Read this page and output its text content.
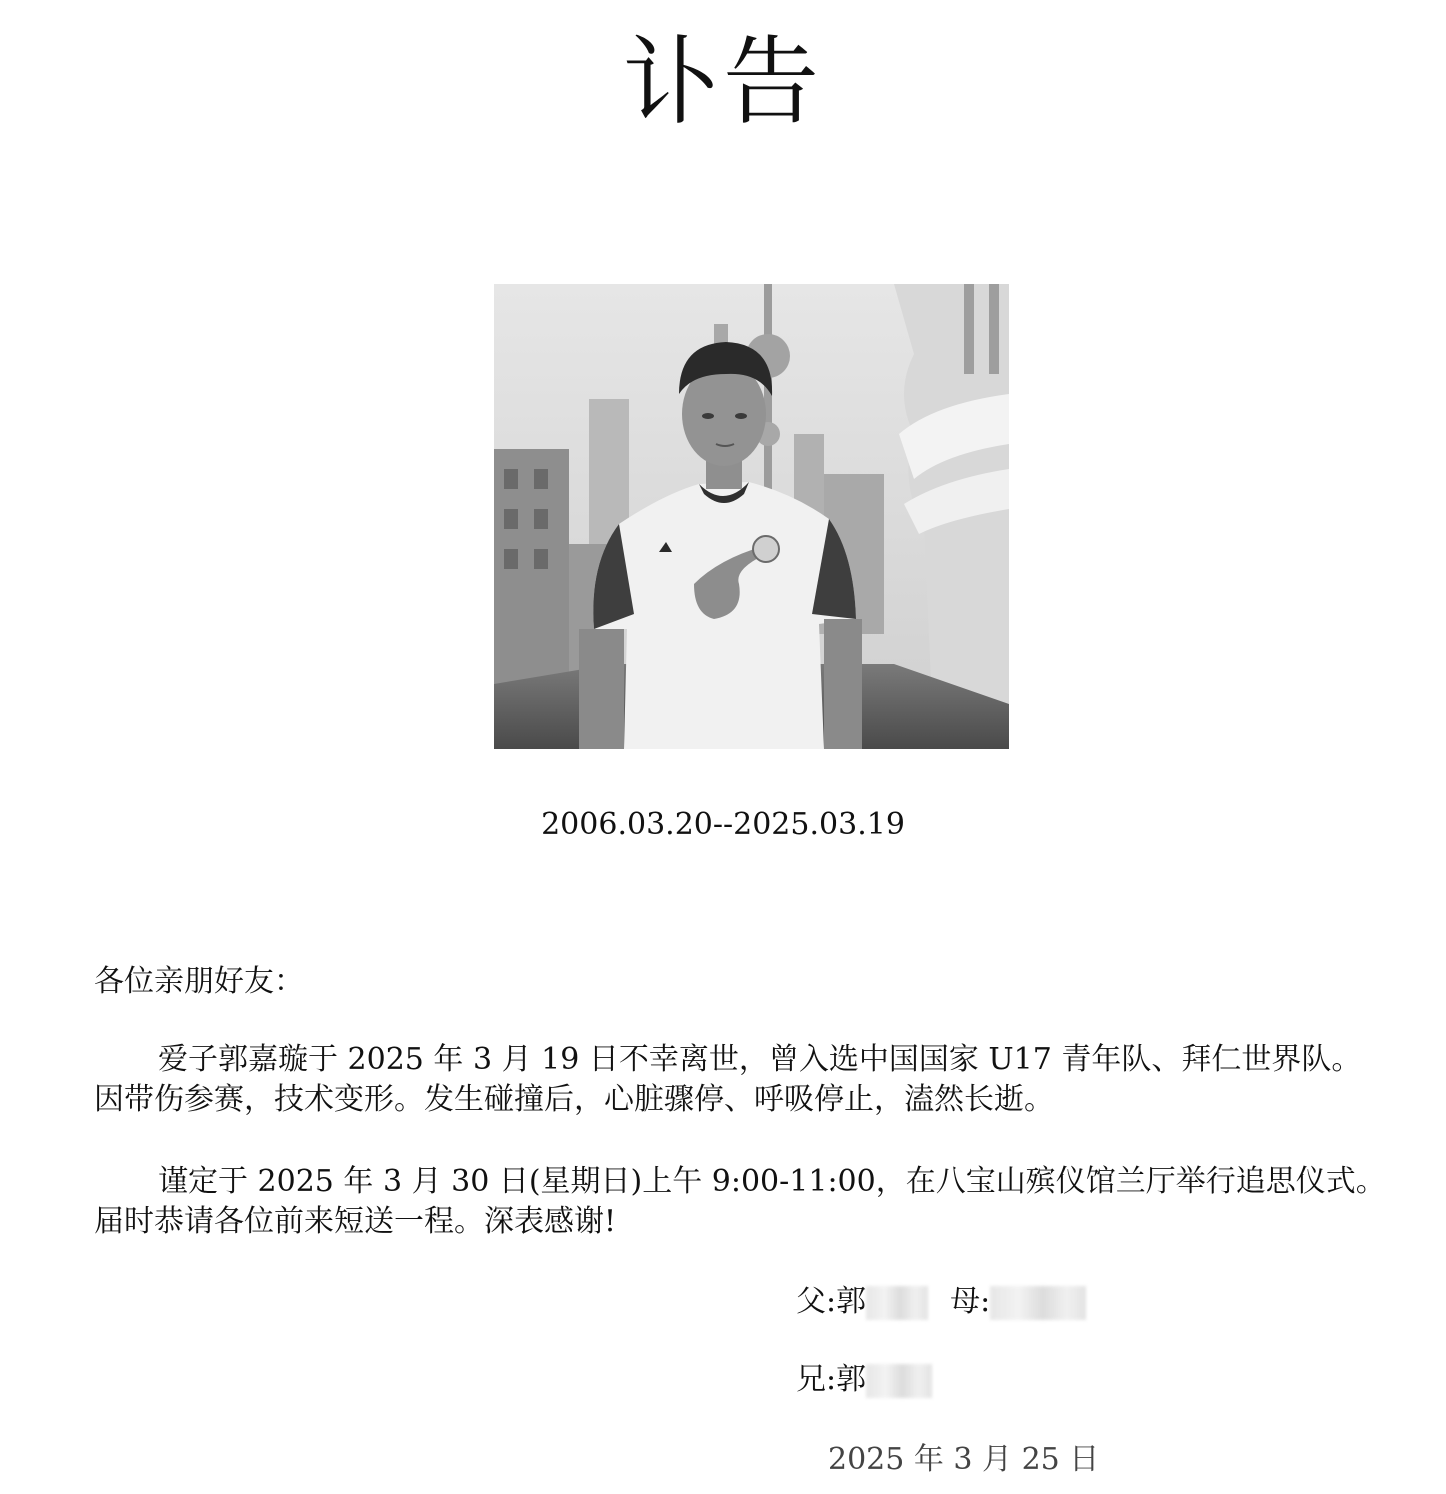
讣告
2006.03.20--2025.03.19
各位亲朋好友：
爱子郭嘉璇于 2025 年 3 月 19 日不幸离世，曾入选中国国家 U17 青年队、拜仁世界队。
因带伤参赛，技术变形。发生碰撞后，心脏骤停、呼吸停止，溘然长逝。
谨定于 2025 年 3 月 30 日(星期日)上午 9:00-11:00，在八宝山殡仪馆兰厅举行追思仪式。
届时恭请各位前来短送一程。深表感谢!
父:郭	母:
兄:郭
2025 年 3 月 25 日
